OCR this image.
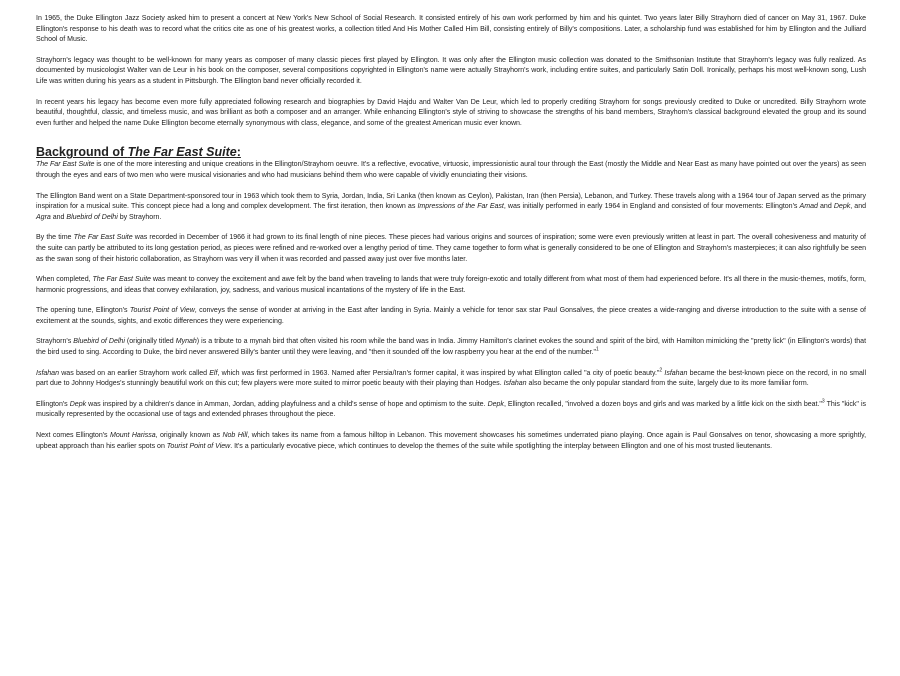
In 1965, the Duke Ellington Jazz Society asked him to present a concert at New York's New School of Social Research. It consisted entirely of his own work performed by him and his quintet. Two years later Billy Strayhorn died of cancer on May 31, 1967. Duke Ellington's response to his death was to record what the critics cite as one of his greatest works, a collection titled And His Mother Called Him Bill, consisting entirely of Billy's compositions. Later, a scholarship fund was established for him by Ellington and the Julliard School of Music.

Strayhorn's legacy was thought to be well-known for many years as composer of many classic pieces first played by Ellington. It was only after the Ellington music collection was donated to the Smithsonian Institute that Strayhorn's legacy was fully realized. As documented by musicologist Walter van de Leur in his book on the composer, several compositions copyrighted in Ellington's name were actually Strayhorn's work, including entire suites, and particularly Satin Doll. Ironically, perhaps his most well-known song, Lush Life was written during his years as a student in Pittsburgh. The Ellington band never officially recorded it.

In recent years his legacy has become even more fully appreciated following research and biographies by David Hajdu and Walter Van De Leur, which led to properly crediting Strayhorn for songs previously credited to Duke or uncredited. Billy Strayhorn wrote beautiful, thoughtful, classic, and timeless music, and was brilliant as both a composer and an arranger. While enhancing Ellington's style of striving to showcase the strengths of his band members, Strayhorn's classical background elevated the group and its sound even further and helped the name Duke Ellington become eternally synonymous with class, elegance, and some of the greatest American music ever known.

Background of The Far East Suite:

The Far East Suite is one of the more interesting and unique creations in the Ellington/Strayhorn oeuvre. It's a reflective, evocative, virtuosic, impressionistic aural tour through the East (mostly the Middle and Near East as many have pointed out over the years) as seen through the eyes and ears of two men who were musical visionaries and who had musicians behind them who were capable of vividly enunciating their visions.

The Ellington Band went on a State Department-sponsored tour in 1963 which took them to Syria, Jordan, India, Sri Lanka (then known as Ceylon), Pakistan, Iran (then Persia), Lebanon, and Turkey. These travels along with a 1964 tour of Japan served as the primary inspiration for a musical suite. This concept piece had a long and complex development. The first iteration, then known as Impressions of the Far East, was initially performed in early 1964 in England and consisted of four movements: Ellington's Amad and Depk, and Agra and Bluebird of Delhi by Strayhorn.

By the time The Far East Suite was recorded in December of 1966 it had grown to its final length of nine pieces. These pieces had various origins and sources of inspiration; some were even previously written at least in part. The overall cohesiveness and maturity of the suite can partly be attributed to its long gestation period, as pieces were refined and re-worked over a lengthy period of time. They came together to form what is generally considered to be one of Ellington and Strayhorn's masterpieces; it can also rightfully be seen as the swan song of their historic collaboration, as Strayhorn was very ill when it was recorded and passed away just over five months later.

When completed, The Far East Suite was meant to convey the excitement and awe felt by the band when traveling to lands that were truly foreign-exotic and totally different from what most of them had experienced before. It's all there in the music-themes, motifs, form, harmonic progressions, and ideas that convey exhilaration, joy, sadness, and various musical incantations of the mystery of life in the East.

The opening tune, Ellington's Tourist Point of View, conveys the sense of wonder at arriving in the East after landing in Syria. Mainly a vehicle for tenor sax star Paul Gonsalves, the piece creates a wide-ranging and diverse introduction to the suite with a sense of excitement at the sounds, sights, and exotic differences they were experiencing.

Strayhorn's Bluebird of Delhi (originally titled Mynah) is a tribute to a mynah bird that often visited his room while the band was in India. Jimmy Hamilton's clarinet evokes the sound and spirit of the bird, with Hamilton mimicking the "pretty lick" (in Ellington's words) that the bird used to sing. According to Duke, the bird never answered Billy's banter until they were leaving, and "then it sounded off the low raspberry you hear at the end of the number."$^1$

Isfahan was based on an earlier Strayhorn work called Elf, which was first performed in 1963. Named after Persia/Iran's former capital, it was inspired by what Ellington called "a city of poetic beauty."$^2$ Isfahan became the best-known piece on the record, in no small part due to Johnny Hodges's stunningly beautiful work on this cut; few players were more suited to mirror poetic beauty with their playing than Hodges. Isfahan also became the only popular standard from the suite, largely due to its more familiar form.

Ellington's Depk was inspired by a children's dance in Amman, Jordan, adding playfulness and a child's sense of hope and optimism to the suite. Depk, Ellington recalled, "involved a dozen boys and girls and was marked by a little kick on the sixth beat."$^3$ This "kick" is musically represented by the occasional use of tags and extended phrases throughout the piece.

Next comes Ellington's Mount Harissa, originally known as Nob Hill, which takes its name from a famous hilltop in Lebanon. This movement showcases his sometimes underrated piano playing. Once again is Paul Gonsalves on tenor, showcasing a more sprightly, upbeat approach than his earlier spots on Tourist Point of View. It's a particularly evocative piece, which continues to develop the themes of the suite while spotlighting the interplay between Ellington and one of his most trusted lieutenants.
